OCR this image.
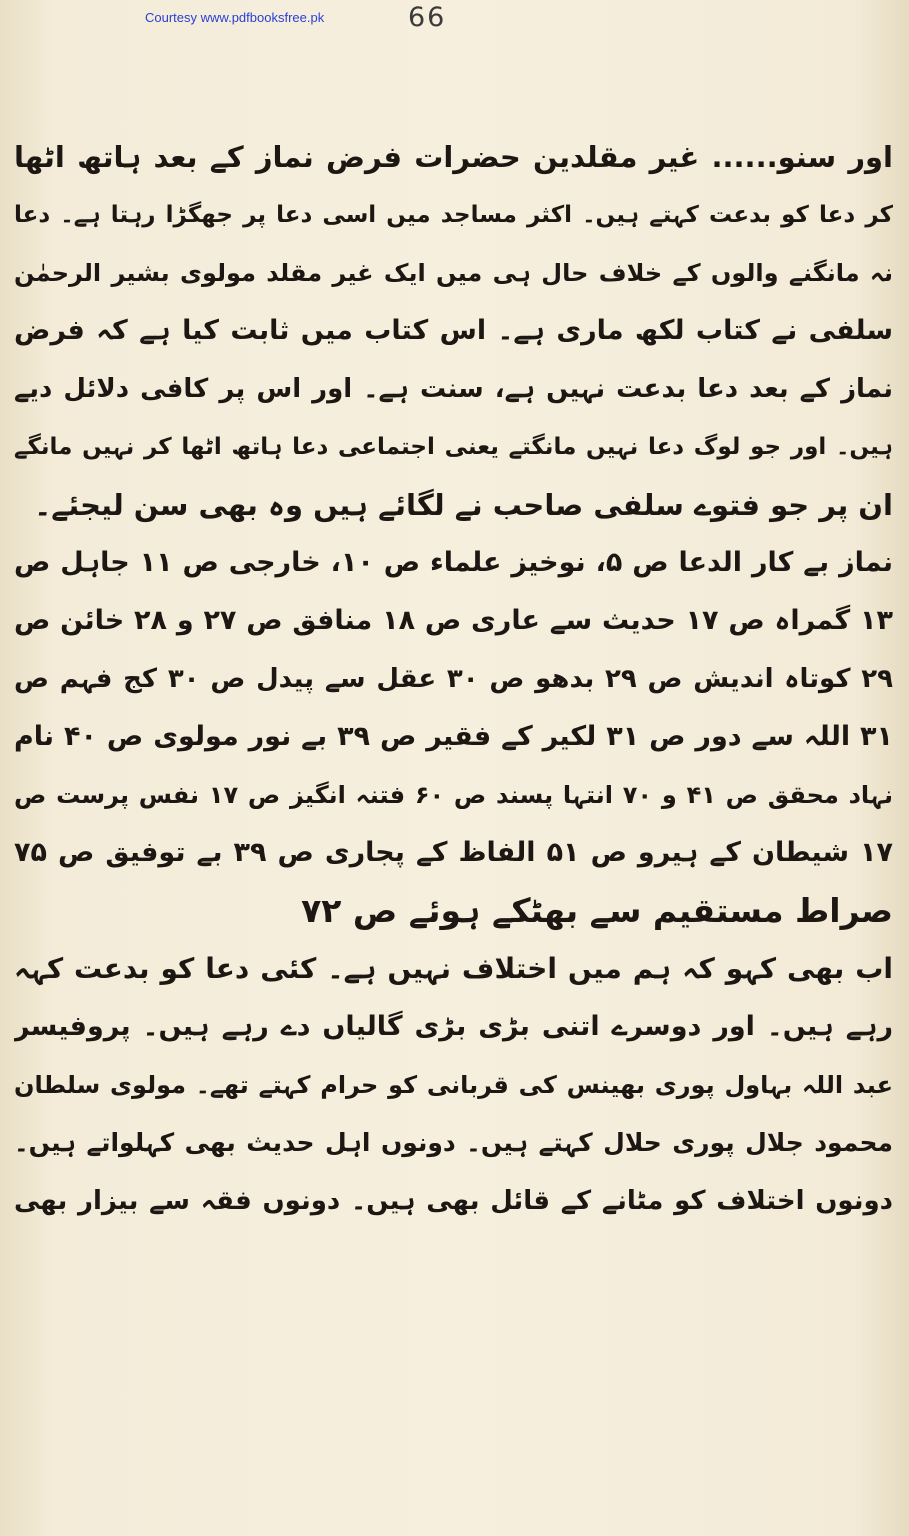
Courtesy www.pdfbooksfree.pk	66
اور سنو...... غیر مقلدین حضرات فرض نماز کے بعد ہاتھ اٹھا
کر دعا کو بدعت کہتے ہیں۔ اکثر مساجد میں اسی دعا پر جھگڑا رہتا ہے۔ دعا
نہ مانگنے والوں کے خلاف حال ہی میں ایک غیر مقلد مولوی بشیر الرحمٰن
سلفی نے کتاب لکھ ماری ہے۔ اس کتاب میں ثابت کیا ہے کہ فرض
نماز کے بعد دعا بدعت نہیں ہے، سنت ہے۔ اور اس پر کافی دلائل دیے
ہیں۔ اور جو لوگ دعا نہیں مانگتے یعنی اجتماعی دعا ہاتھ اٹھا کر نہیں مانگے
ان پر جو فتوے سلفی صاحب نے لگائے ہیں وہ بھی سن لیجئے۔
نماز بے کار الدعا ص ۵، نوخیز علماء ص ۱۰، خارجی ص ۱۱ جاہل ص
۱۳ گمراہ ص ۱۷ حدیث سے عاری ص ۱۸ منافق ص ۲۷ و ۲۸ خائن ص
۲۹ کوتاہ اندیش ص ۲۹ بدھو ص ۳۰ عقل سے پیدل ص ۳۰ کج فہم ص
۳۱ اللہ سے دور ص ۳۱ لکیر کے فقیر ص ۳۹ بے نور مولوی ص ۴۰ نام
نہاد محقق ص ۴۱ و ۷۰ انتہا پسند ص ۶۰ فتنہ انگیز ص ۱۷ نفس پرست ص
۱۷ شیطان کے ہیرو ص ۵۱ الفاظ کے پجاری ص ۳۹ بے توفیق ص ۷۵
صراط مستقیم سے بھٹکے ہوئے ص ۷۲
اب بھی کہو کہ ہم میں اختلاف نہیں ہے۔ کئی دعا کو بدعت کہہ
رہے ہیں۔ اور دوسرے اتنی بڑی بڑی گالیاں دے رہے ہیں۔ پروفیسر
عبد اللہ بہاول پوری بھینس کی قربانی کو حرام کہتے تھے۔ مولوی سلطان
محمود جلال پوری حلال کہتے ہیں۔ دونوں اہل حدیث بھی کہلواتے ہیں۔
دونوں اختلاف کو مٹانے کے قائل بھی ہیں۔ دونوں فقہ سے بیزار بھی
